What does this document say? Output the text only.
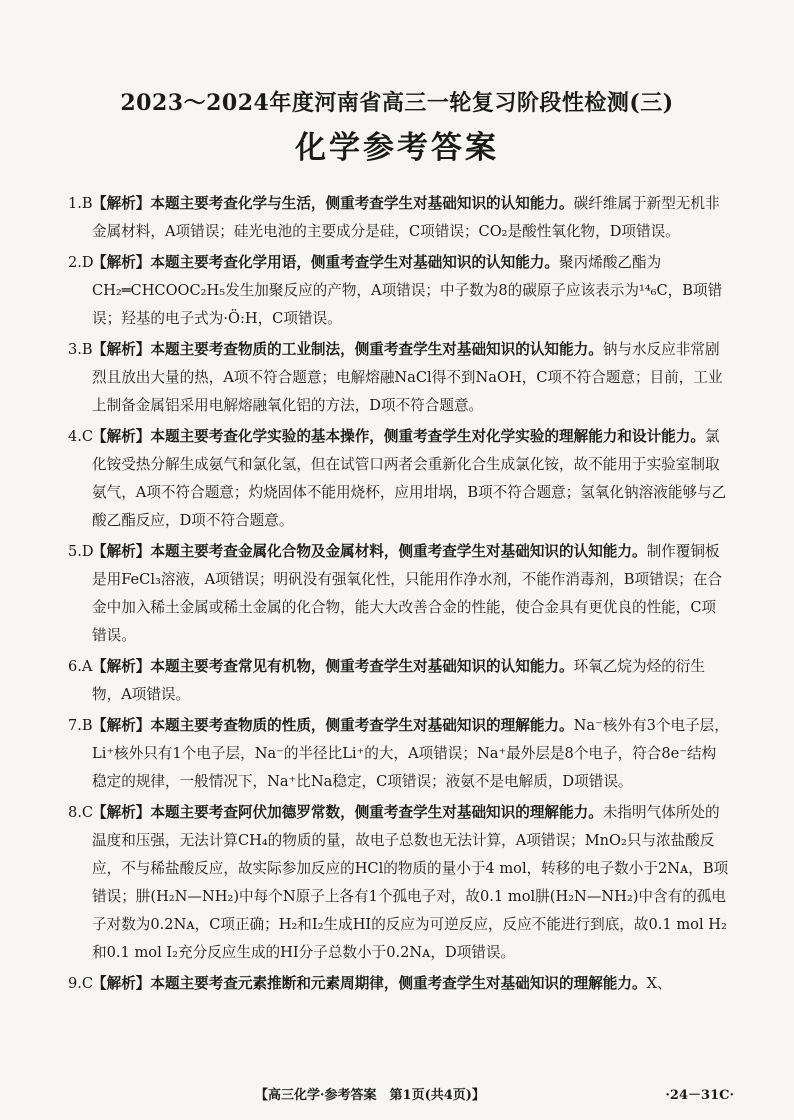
2023～2024年度河南省高三一轮复习阶段性检测(三)
化学参考答案
1.B 【解析】本题主要考查化学与生活，侧重考查学生对基础知识的认知能力。碳纤维属于新型无机非金属材料，A项错误；硅光电池的主要成分是硅，C项错误；CO₂是酸性氧化物，D项错误。
2.D
【解析】本题主要考查化学用语，侧重考查学生对基础知识的认知能力。聚丙烯酸乙酯为CH₂═CHCOOC₂H₅发生加聚反应的产物，A项错误；中子数为8的碳原子应该表示为¹⁴₆C，B项错误；羟基的电子式为·Ö:H，C项错误。
3.B 【解析】本题主要考查物质的工业制法，侧重考查学生对基础知识的认知能力。钠与水反应非常剧烈且放出大量的热，A项不符合题意；电解熔融NaCl得不到NaOH，C项不符合题意；目前，工业上制备金属铝采用电解熔融氧化铝的方法，D项不符合题意。
4.C
【解析】本题主要考查化学实验的基本操作，侧重考查学生对化学实验的理解能力和设计能力。氯化铵受热分解生成氨气和氯化氢，但在试管口两者会重新化合生成氯化铵，故不能用于实验室制取氨气，A项不符合题意；灼烧固体不能用烧杯，应用坩埚，B项不符合题意；氢氧化钠溶液能够与乙酸乙酯反应，D项不符合题意。
5.D
【解析】本题主要考查金属化合物及金属材料，侧重考查学生对基础知识的认知能力。制作覆铜板是用FeCl₃溶液，A项错误；明矾没有强氧化性，只能用作净水剂，不能作消毒剂，B项错误；在合金中加入稀土金属或稀土金属的化合物，能大大改善合金的性能，使合金具有更优良的性能，C项错误。
6.A 【解析】本题主要考查常见有机物，侧重考查学生对基础知识的认知能力。环氧乙烷为烃的衍生物，A项错误。
7.B 【解析】本题主要考查物质的性质，侧重考查学生对基础知识的理解能力。Na⁻核外有3个电子层，Li⁺核外只有1个电子层，Na⁻的半径比Li⁺的大，A项错误；Na⁺最外层是8个电子，符合8e⁻结构稳定的规律，一般情况下，Na⁺比Na稳定，C项错误；液氨不是电解质，D项错误。
8.C
【解析】本题主要考查阿伏加德罗常数，侧重考查学生对基础知识的理解能力。未指明气体所处的温度和压强，无法计算CH₄的物质的量，故电子总数也无法计算，A项错误；MnO₂只与浓盐酸反应，不与稀盐酸反应，故实际参加反应的HCl的物质的量小于4 mol，转移的电子数小于2Nᴀ，B项错误；肼(H₂N—NH₂)中每个N原子上各有1个孤电子对，故0.1 mol肼(H₂N—NH₂)中含有的孤电子对数为0.2Nᴀ，C项正确；H₂和I₂生成HI的反应为可逆反应，反应不能进行到底，故0.1 mol H₂和0.1 mol I₂充分反应生成的HI分子总数小于0.2Nᴀ，D项错误。
9.C
【解析】本题主要考查元素推断和元素周期律，侧重考查学生对基础知识的理解能力。X、
【高三化学·参考答案　第1页(共4页)】	·24－31C·
